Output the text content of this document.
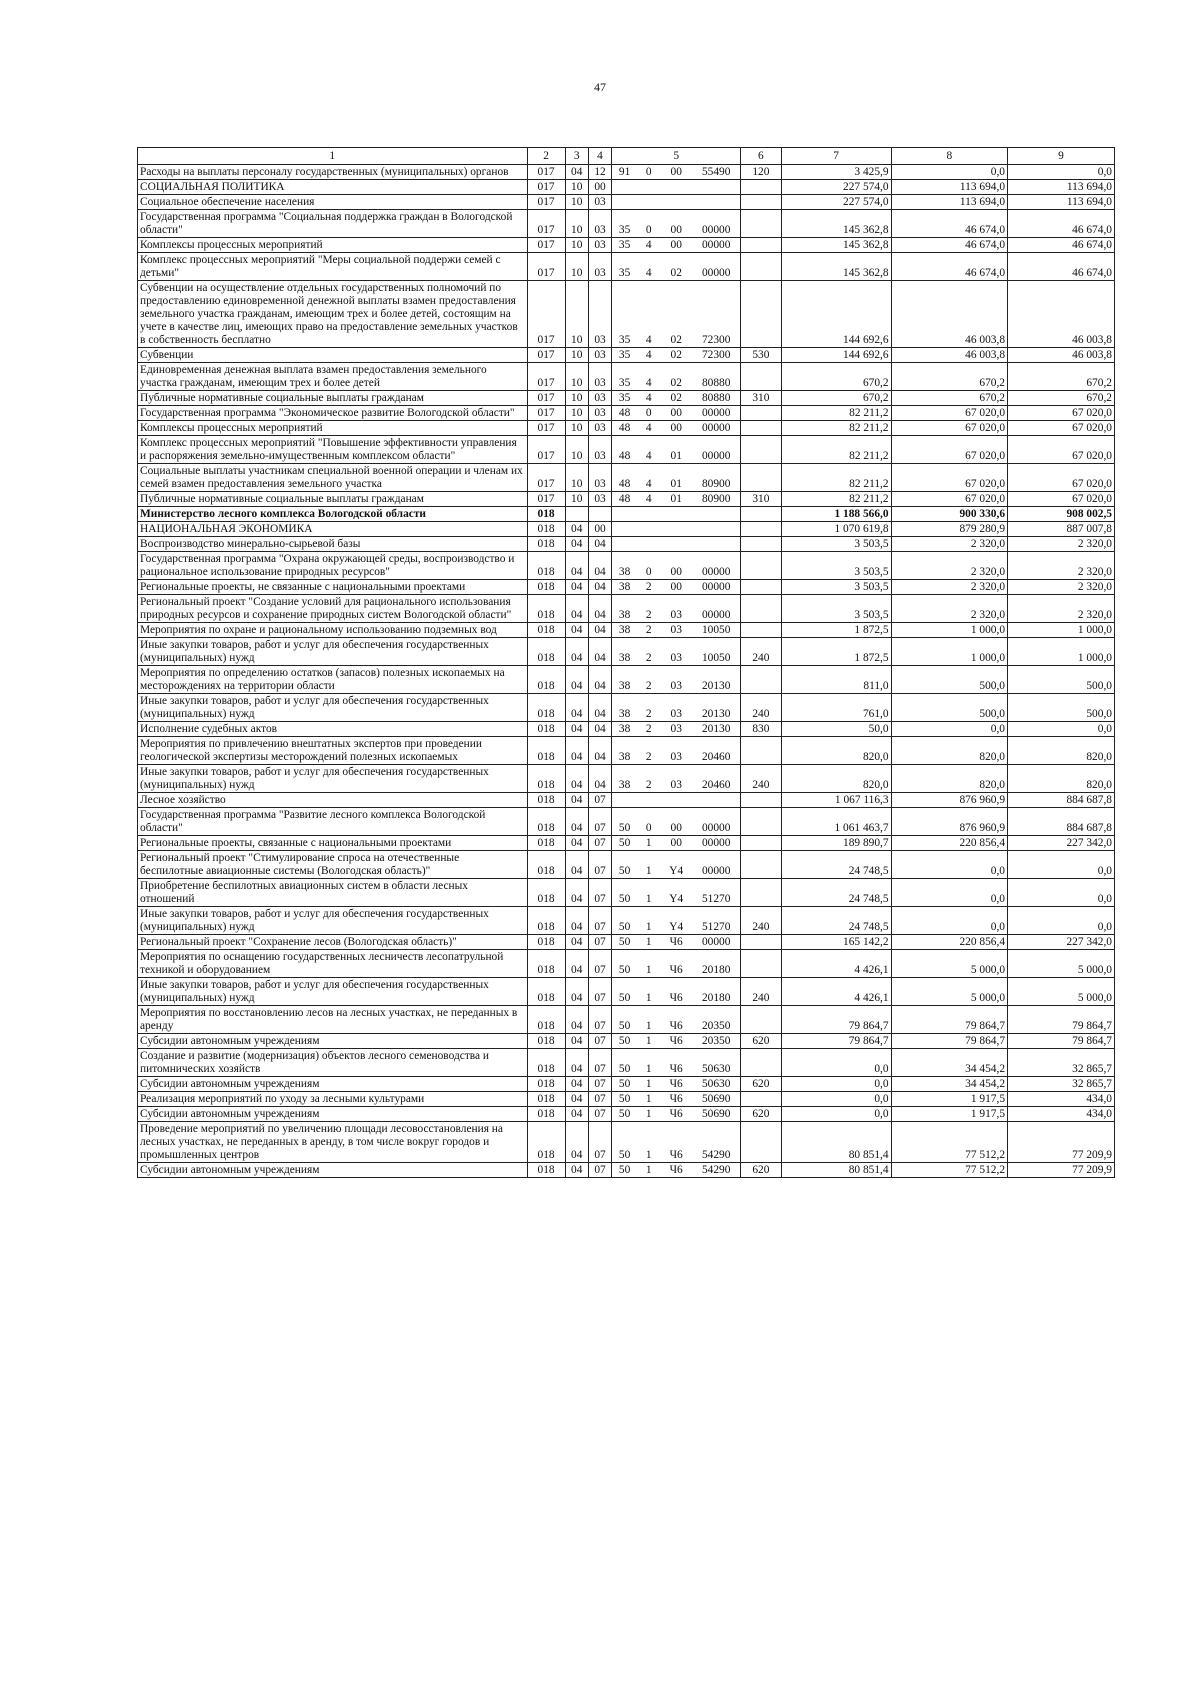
47
1	2	3	4	5				6	7	8	9
Расходы на выплаты персоналу государственных (муниципальных) органов	017	04	12	91	0	00	55490	120	3 425,9	0,0	0,0
СОЦИАЛЬНАЯ ПОЛИТИКА	017	10	00						227 574,0	113 694,0	113 694,0
Социальное обеспечение населения	017	10	03						227 574,0	113 694,0	113 694,0
Государственная программа "Социальная поддержка граждан в Вологодской области"	017	10	03	35	0	00	00000		145 362,8	46 674,0	46 674,0
Комплексы процессных мероприятий	017	10	03	35	4	00	00000		145 362,8	46 674,0	46 674,0
Комплекс процессных мероприятий "Меры социальной поддержи семей с детьми"	017	10	03	35	4	02	00000		145 362,8	46 674,0	46 674,0
Субвенции на осуществление отдельных государственных полномочий по предоставлению единовременной денежной выплаты взамен предоставления земельного участка гражданам, имеющим трех и более детей, состоящим на учете в качестве лиц, имеющих право на предоставление земельных участков в собственность бесплатно	017	10	03	35	4	02	72300		144 692,6	46 003,8	46 003,8
Субвенции	017	10	03	35	4	02	72300	530	144 692,6	46 003,8	46 003,8
Единовременная денежная выплата взамен предоставления земельного участка гражданам, имеющим трех и более детей	017	10	03	35	4	02	80880		670,2	670,2	670,2
Публичные нормативные социальные выплаты гражданам	017	10	03	35	4	02	80880	310	670,2	670,2	670,2
Государственная программа "Экономическое развитие Вологодской области"	017	10	03	48	0	00	00000		82 211,2	67 020,0	67 020,0
Комплексы процессных мероприятий	017	10	03	48	4	00	00000		82 211,2	67 020,0	67 020,0
Комплекс процессных мероприятий "Повышение эффективности управления и распоряжения земельно-имущественным комплексом области"	017	10	03	48	4	01	00000		82 211,2	67 020,0	67 020,0
Социальные выплаты участникам специальной военной операции и членам их семей взамен предоставления земельного участка	017	10	03	48	4	01	80900		82 211,2	67 020,0	67 020,0
Публичные нормативные социальные выплаты гражданам	017	10	03	48	4	01	80900	310	82 211,2	67 020,0	67 020,0
Министерство лесного комплекса Вологодской области	018								1 188 566,0	900 330,6	908 002,5
НАЦИОНАЛЬНАЯ ЭКОНОМИКА	018	04	00						1 070 619,8	879 280,9	887 007,8
Воспроизводство минерально-сырьевой базы	018	04	04						3 503,5	2 320,0	2 320,0
Государственная программа "Охрана окружающей среды, воспроизводство и рациональное использование природных ресурсов"	018	04	04	38	0	00	00000		3 503,5	2 320,0	2 320,0
Региональные проекты, не связанные с национальными проектами	018	04	04	38	2	00	00000		3 503,5	2 320,0	2 320,0
Региональный проект "Создание условий для рационального использования природных ресурсов и сохранение природных систем Вологодской области"	018	04	04	38	2	03	00000		3 503,5	2 320,0	2 320,0
Мероприятия по охране и рациональному использованию подземных вод	018	04	04	38	2	03	10050		1 872,5	1 000,0	1 000,0
Иные закупки товаров, работ и услуг для обеспечения государственных (муниципальных) нужд	018	04	04	38	2	03	10050	240	1 872,5	1 000,0	1 000,0
Мероприятия по определению остатков (запасов) полезных ископаемых на месторождениях на территории области	018	04	04	38	2	03	20130		811,0	500,0	500,0
Иные закупки товаров, работ и услуг для обеспечения государственных (муниципальных) нужд	018	04	04	38	2	03	20130	240	761,0	500,0	500,0
Исполнение судебных актов	018	04	04	38	2	03	20130	830	50,0	0,0	0,0
Мероприятия по привлечению внештатных экспертов при проведении геологической экспертизы месторождений полезных ископаемых	018	04	04	38	2	03	20460		820,0	820,0	820,0
Иные закупки товаров, работ и услуг для обеспечения государственных (муниципальных) нужд	018	04	04	38	2	03	20460	240	820,0	820,0	820,0
Лесное хозяйство	018	04	07						1 067 116,3	876 960,9	884 687,8
Государственная программа "Развитие лесного комплекса Вологодской области"	018	04	07	50	0	00	00000		1 061 463,7	876 960,9	884 687,8
Региональные проекты, связанные с национальными проектами	018	04	07	50	1	00	00000		189 890,7	220 856,4	227 342,0
Региональный проект "Стимулирование спроса на отечественные беспилотные авиационные системы (Вологодская область)"	018	04	07	50	1	Y4	00000		24 748,5	0,0	0,0
Приобретение беспилотных авиационных систем в области лесных отношений	018	04	07	50	1	Y4	51270		24 748,5	0,0	0,0
Иные закупки товаров, работ и услуг для обеспечения государственных (муниципальных) нужд	018	04	07	50	1	Y4	51270	240	24 748,5	0,0	0,0
Региональный проект "Сохранение лесов (Вологодская область)"	018	04	07	50	1	Ч6	00000		165 142,2	220 856,4	227 342,0
Мероприятия по оснащению государственных лесничеств лесопатрульной техникой и оборудованием	018	04	07	50	1	Ч6	20180		4 426,1	5 000,0	5 000,0
Иные закупки товаров, работ и услуг для обеспечения государственных (муниципальных) нужд	018	04	07	50	1	Ч6	20180	240	4 426,1	5 000,0	5 000,0
Мероприятия по восстановлению лесов на лесных участках, не переданных в аренду	018	04	07	50	1	Ч6	20350		79 864,7	79 864,7	79 864,7
Субсидии автономным учреждениям	018	04	07	50	1	Ч6	20350	620	79 864,7	79 864,7	79 864,7
Создание и развитие (модернизация) объектов лесного семеноводства и питомнических хозяйств	018	04	07	50	1	Ч6	50630		0,0	34 454,2	32 865,7
Субсидии автономным учреждениям	018	04	07	50	1	Ч6	50630	620	0,0	34 454,2	32 865,7
Реализация мероприятий по уходу за лесными культурами	018	04	07	50	1	Ч6	50690		0,0	1 917,5	434,0
Субсидии автономным учреждениям	018	04	07	50	1	Ч6	50690	620	0,0	1 917,5	434,0
Проведение мероприятий по увеличению площади лесовосстановления на лесных участках, не переданных в аренду, в том числе вокруг городов и промышленных центров	018	04	07	50	1	Ч6	54290		80 851,4	77 512,2	77 209,9
Субсидии автономным учреждениям	018	04	07	50	1	Ч6	54290	620	80 851,4	77 512,2	77 209,9
